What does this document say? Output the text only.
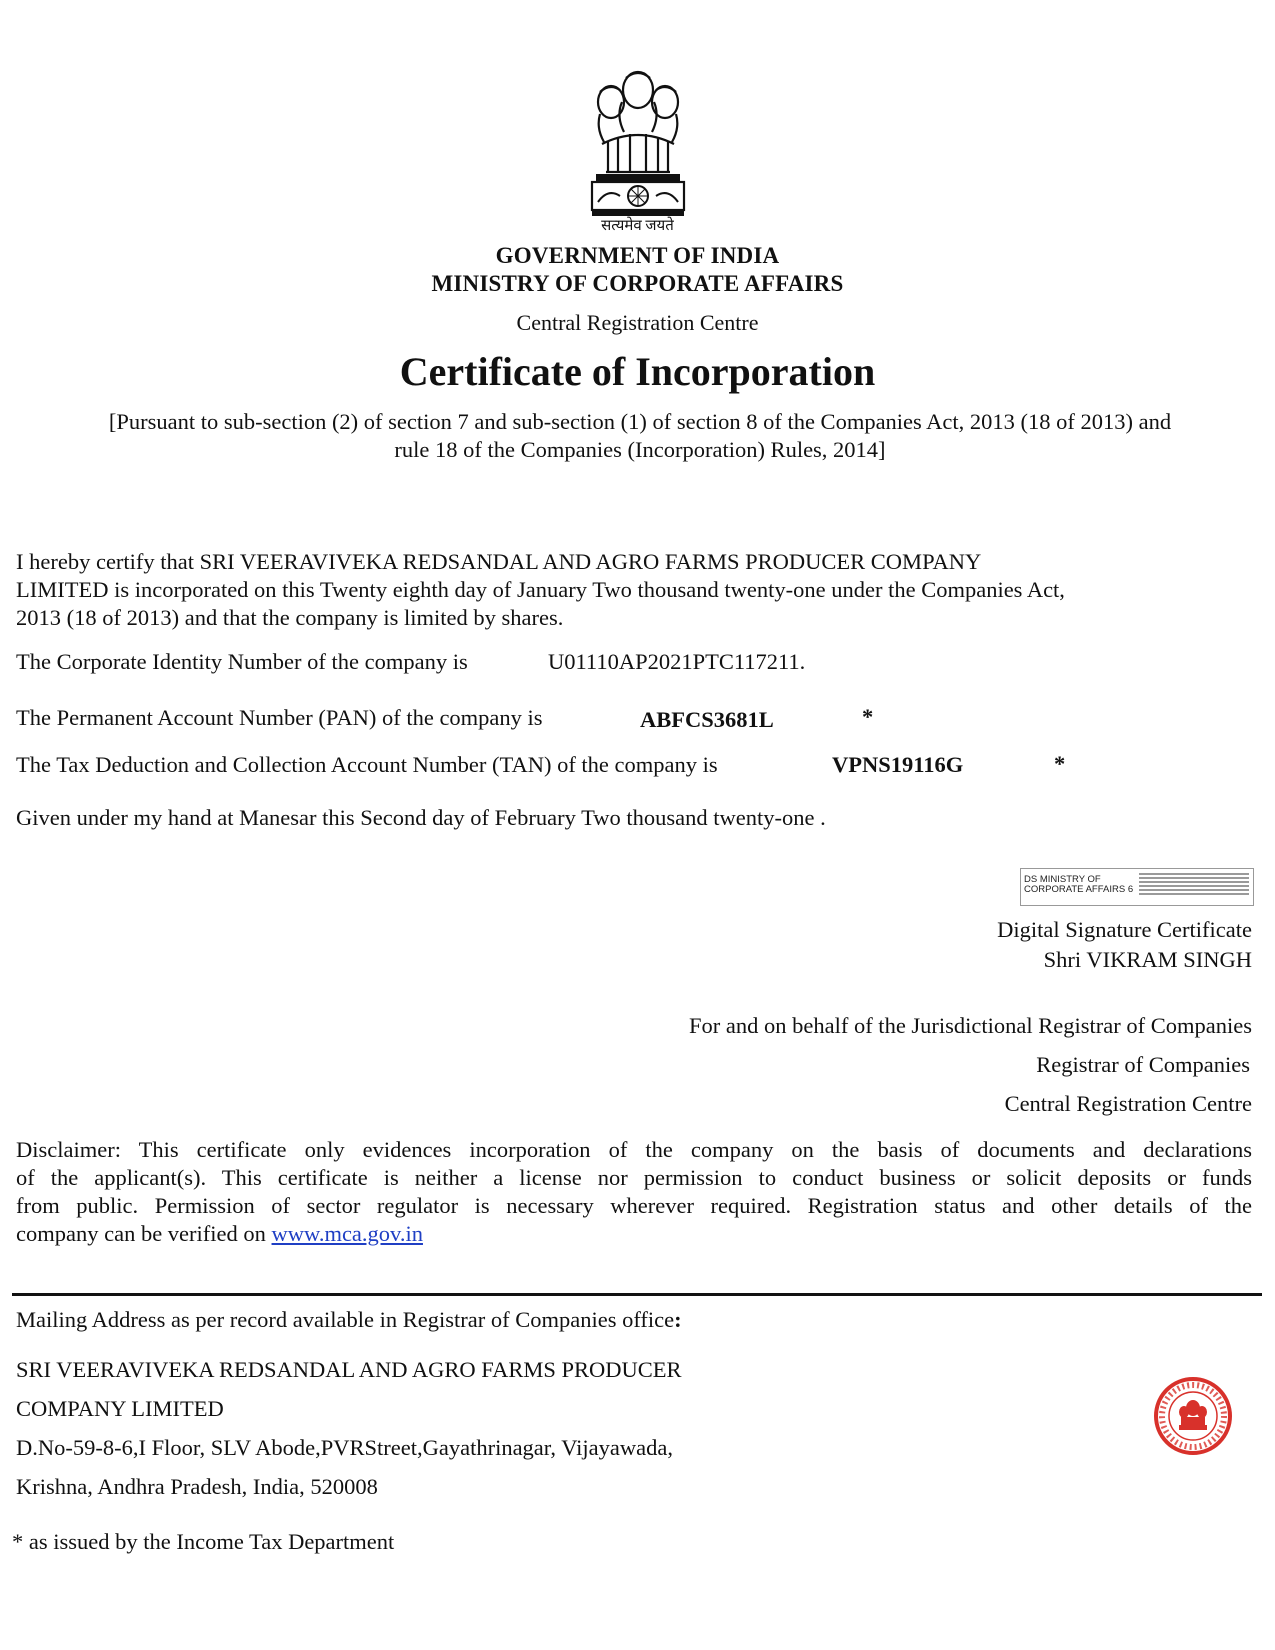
सत्यमेव जयते
GOVERNMENT OF INDIA
MINISTRY OF CORPORATE AFFAIRS
Central Registration Centre
Certificate of Incorporation
[Pursuant to sub-section (2) of section 7 and sub-section (1) of section 8 of the Companies Act, 2013 (18 of 2013) and
rule 18 of the Companies (Incorporation) Rules, 2014]
I hereby certify that SRI VEERAVIVEKA REDSANDAL AND AGRO FARMS PRODUCER COMPANY
LIMITED is incorporated on this Twenty eighth day of January Two thousand twenty-one under the Companies Act,
2013 (18 of 2013) and that the company is limited by shares.
The Corporate Identity Number of the company is	U01110AP2021PTC117211.
The Permanent Account Number (PAN) of the company is	ABFCS3681L	*
The Tax Deduction and Collection Account Number (TAN) of the company is	VPNS19116G	*
Given under my hand at Manesar this Second day of February Two thousand twenty-one .
DS MINISTRY OF
CORPORATE AFFAIRS 6
Digital Signature Certificate
Shri VIKRAM SINGH
For and on behalf of the Jurisdictional Registrar of Companies
Registrar of Companies
Central Registration Centre
Disclaimer: This certificate only evidences incorporation of the company on the basis of documents and declarations
of the applicant(s). This certificate is neither a license nor permission to conduct business or solicit deposits or funds
from public. Permission of sector regulator is necessary wherever required. Registration status and other details of the
company can be verified on www.mca.gov.in
Mailing Address as per record available in Registrar of Companies office:
SRI VEERAVIVEKA REDSANDAL AND AGRO FARMS PRODUCER
COMPANY LIMITED
D.No-59-8-6,I Floor, SLV Abode,PVRStreet,Gayathrinagar, Vijayawada,
Krishna, Andhra Pradesh, India, 520008
* as issued by the Income Tax Department
